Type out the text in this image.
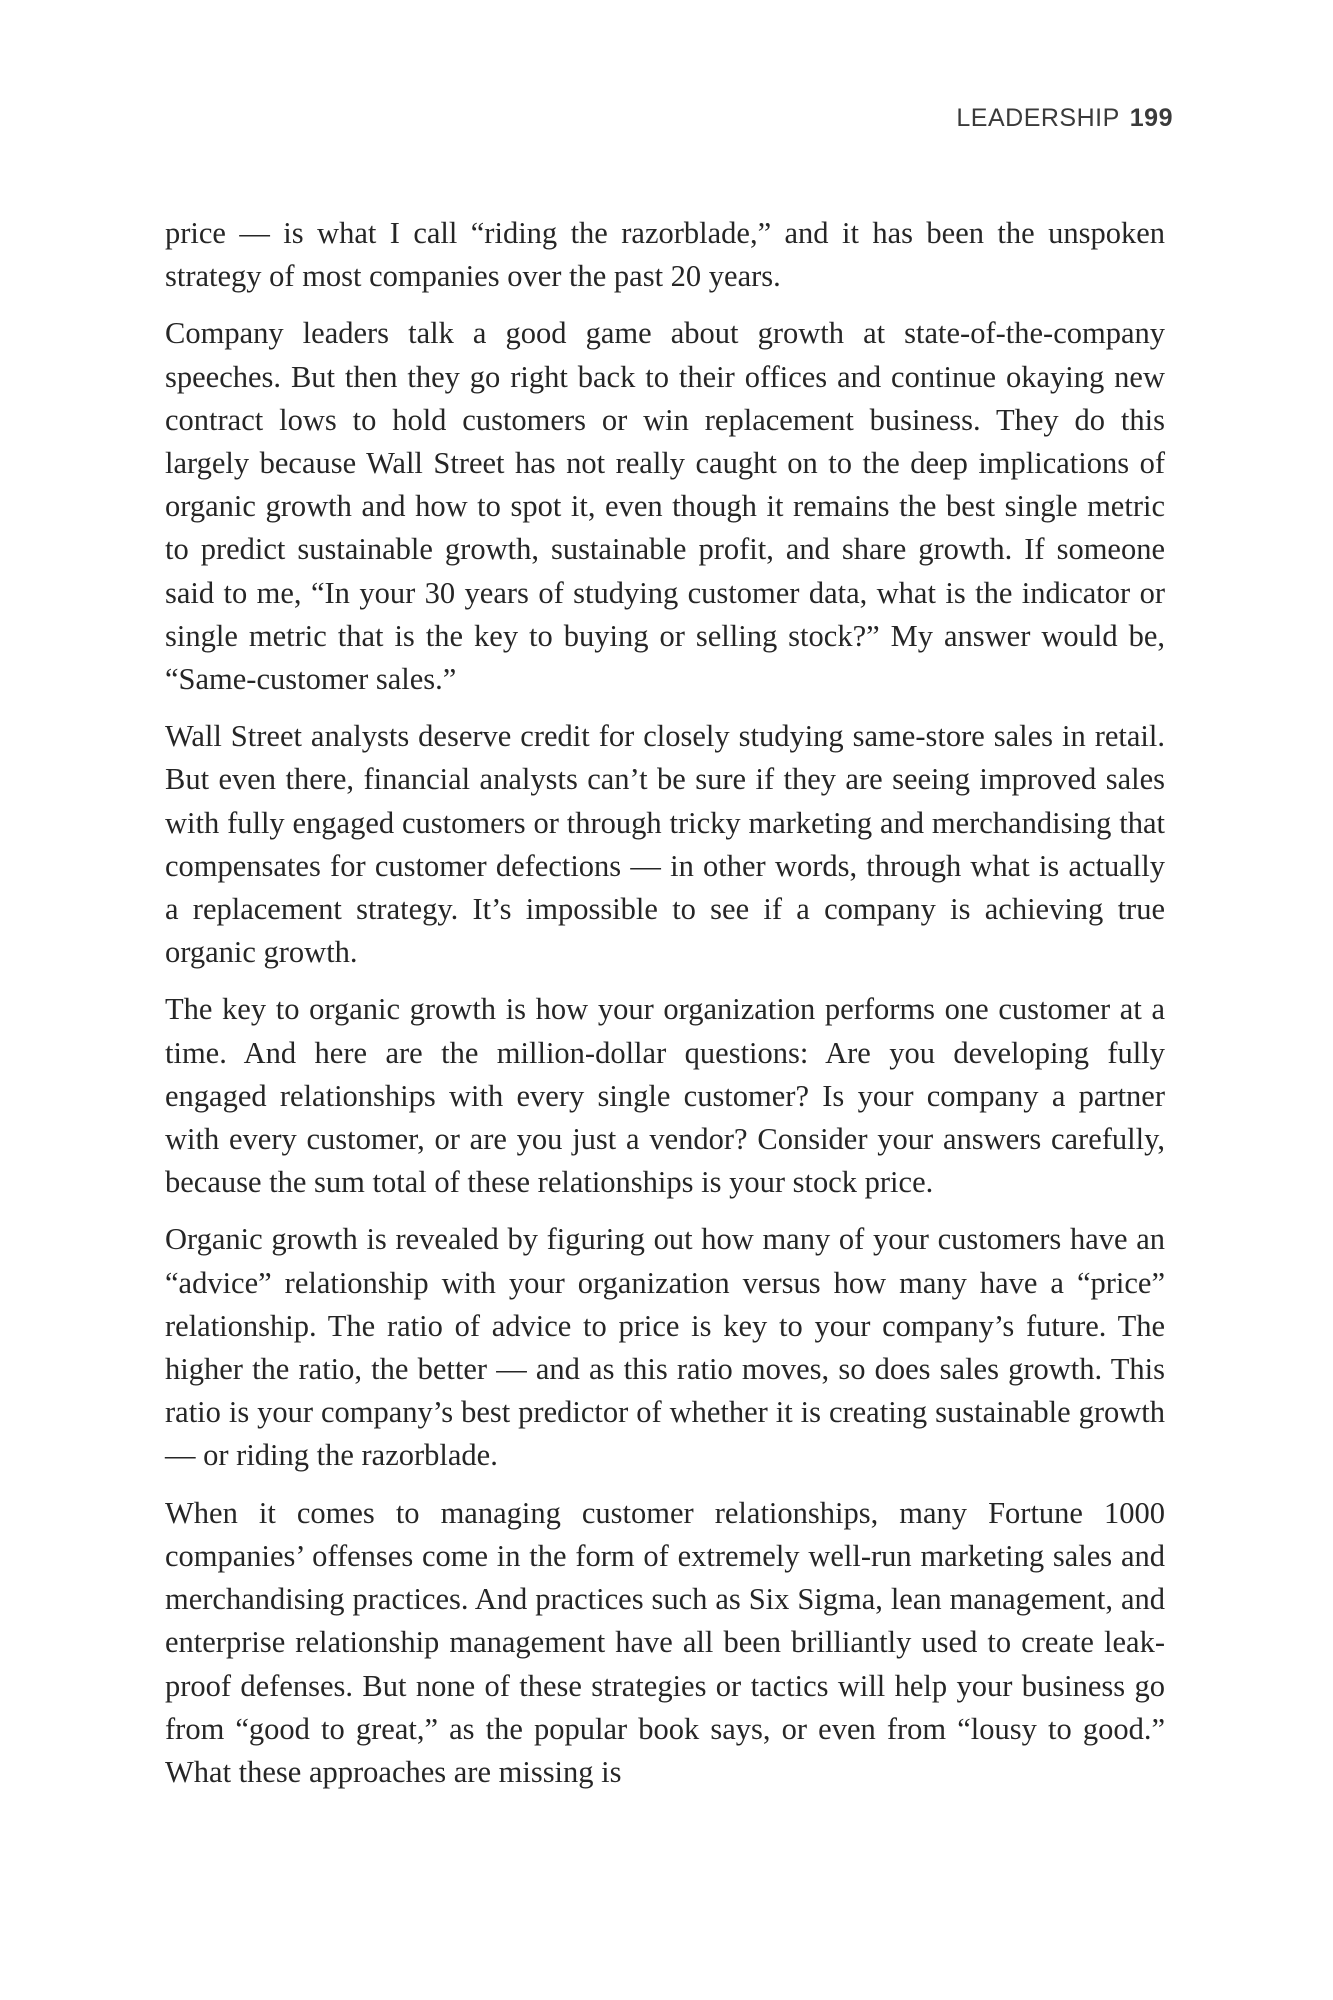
LEADERSHIP 199

price — is what I call “riding the razorblade,” and it has been the unspoken strategy of most companies over the past 20 years.

Company leaders talk a good game about growth at state-of-the-company speeches. But then they go right back to their offices and continue okaying new contract lows to hold customers or win replacement business. They do this largely because Wall Street has not really caught on to the deep implications of organic growth and how to spot it, even though it remains the best single metric to predict sustainable growth, sustainable profit, and share growth. If someone said to me, “In your 30 years of studying customer data, what is the indicator or single metric that is the key to buying or selling stock?” My answer would be, “Same-customer sales.”

Wall Street analysts deserve credit for closely studying same-store sales in retail. But even there, financial analysts can’t be sure if they are seeing improved sales with fully engaged customers or through tricky marketing and merchandising that compensates for customer defections — in other words, through what is actually a replacement strategy. It’s impossible to see if a company is achieving true organic growth.

The key to organic growth is how your organization performs one customer at a time. And here are the million-dollar questions: Are you developing fully engaged relationships with every single customer? Is your company a partner with every customer, or are you just a vendor? Consider your answers carefully, because the sum total of these relationships is your stock price.

Organic growth is revealed by figuring out how many of your customers have an “advice” relationship with your organization versus how many have a “price” relationship. The ratio of advice to price is key to your company’s future. The higher the ratio, the better — and as this ratio moves, so does sales growth. This ratio is your company’s best predictor of whether it is creating sustainable growth — or riding the razorblade.

When it comes to managing customer relationships, many Fortune 1000 companies’ offenses come in the form of extremely well-run marketing sales and merchandising practices. And practices such as Six Sigma, lean management, and enterprise relationship management have all been brilliantly used to create leak-proof defenses. But none of these strategies or tactics will help your business go from “good to great,” as the popular book says, or even from “lousy to good.” What these approaches are missing is
